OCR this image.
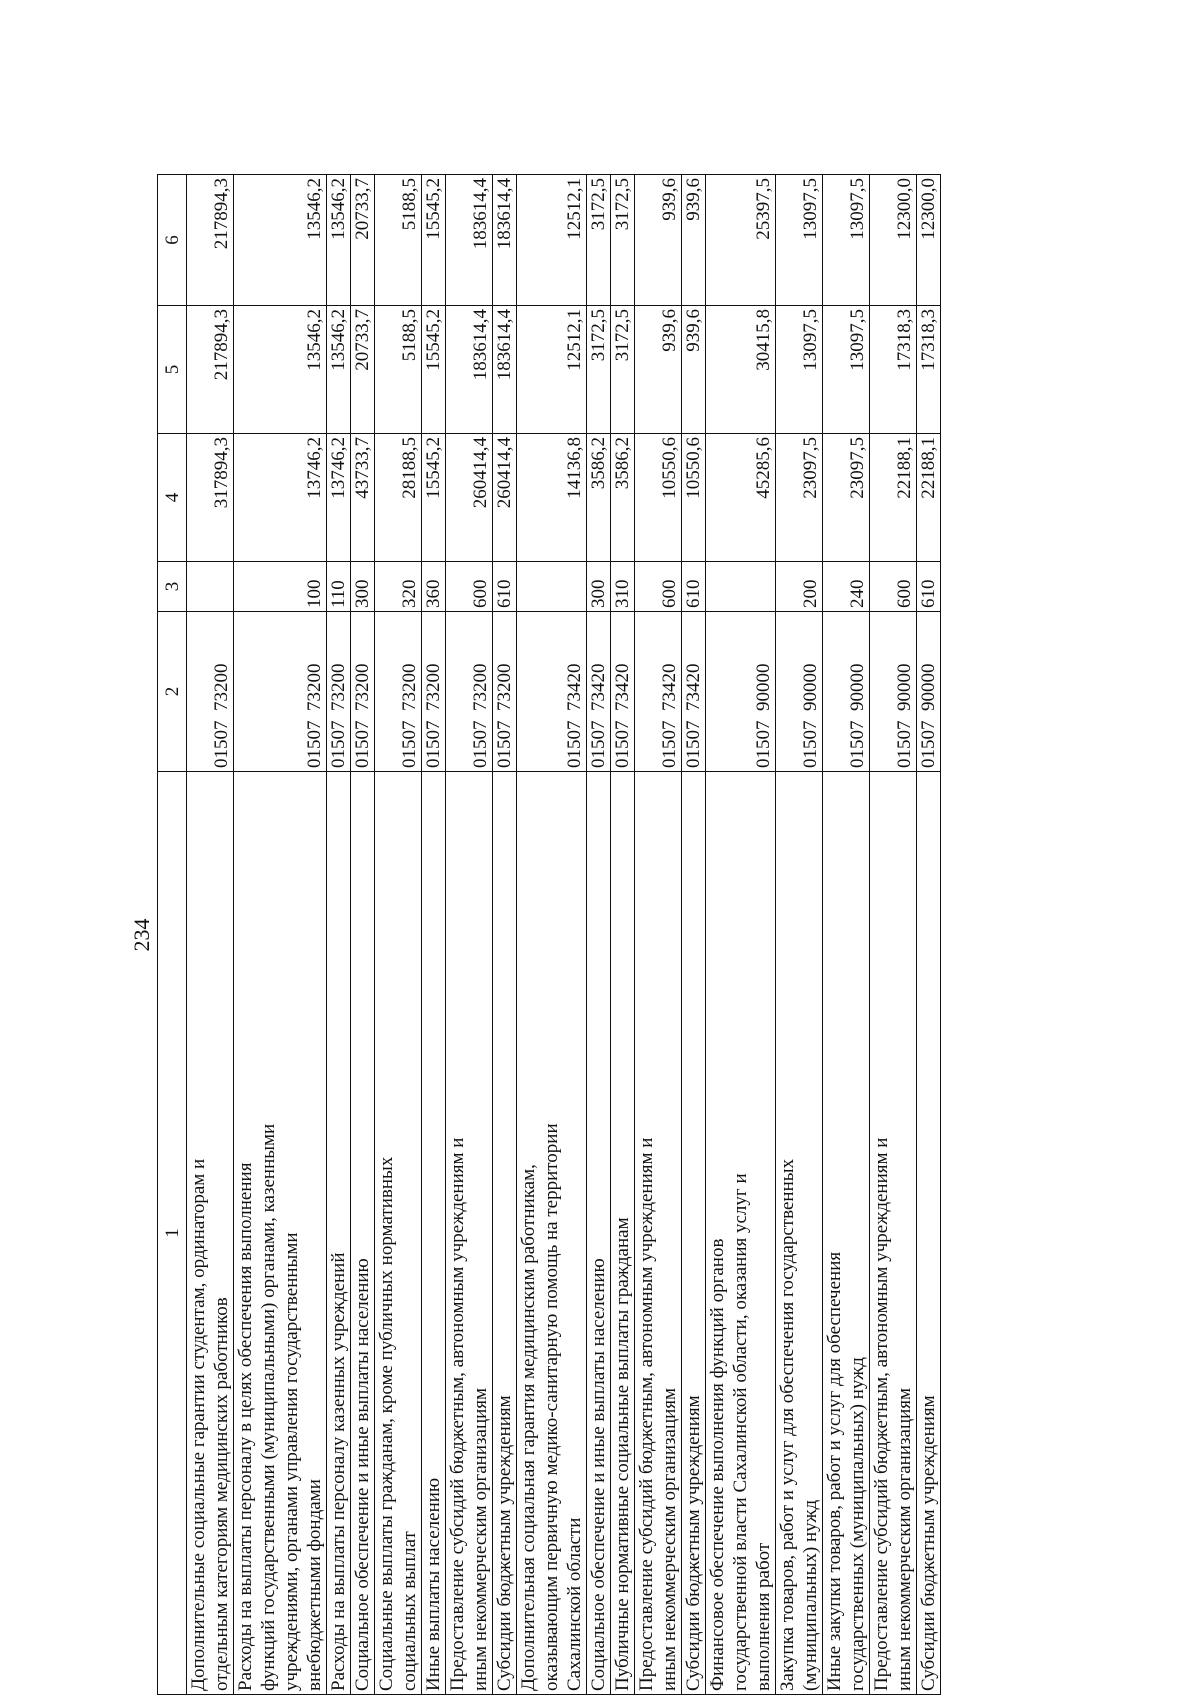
234
1	2	3	4	5	6

Дополнительные социальные гарантии студентам, ординаторам и отдельным категориям медицинских работников	01507  73200		317894,3	217894,3	217894,3

Расходы на выплаты персоналу в целях обеспечения выполнения функций государственными (муниципальными) органами, казенными учреждениями, органами управления государственными внебюджетными фондами	01507  73200	100	13746,2	13546,2	13546,2

Расходы на выплаты персоналу казенных учреждений	01507  73200	110	13746,2	13546,2	13546,2

Социальное обеспечение и иные выплаты населению	01507  73200	300	43733,7	20733,7	20733,7

Социальные выплаты гражданам, кроме публичных нормативных социальных выплат	01507  73200	320	28188,5	5188,5	5188,5

Иные выплаты населению	01507  73200	360	15545,2	15545,2	15545,2

Предоставление субсидий бюджетным, автономным учреждениям и иным некоммерческим организациям	01507  73200	600	260414,4	183614,4	183614,4

Субсидии бюджетным учреждениям	01507  73200	610	260414,4	183614,4	183614,4

Дополнительная социальная гарантия медицинским работникам, оказывающим первичную медико-санитарную помощь на территории Сахалинской области	01507  73420		14136,8	12512,1	12512,1

Социальное обеспечение и иные выплаты населению	01507  73420	300	3586,2	3172,5	3172,5

Публичные нормативные социальные выплаты гражданам	01507  73420	310	3586,2	3172,5	3172,5

Предоставление субсидий бюджетным, автономным учреждениям и иным некоммерческим организациям	01507  73420	600	10550,6	939,6	939,6

Субсидии бюджетным учреждениям	01507  73420	610	10550,6	939,6	939,6

Финансовое обеспечение выполнения функций органов государственной власти Сахалинской области, оказания услуг и выполнения работ	01507  90000		45285,6	30415,8	25397,5

Закупка товаров, работ и услуг для обеспечения государственных (муниципальных) нужд	01507  90000	200	23097,5	13097,5	13097,5

Иные закупки товаров, работ и услуг для обеспечения государственных (муниципальных) нужд	01507  90000	240	23097,5	13097,5	13097,5

Предоставление субсидий бюджетным, автономным учреждениям и иным некоммерческим организациям	01507  90000	600	22188,1	17318,3	12300,0

Субсидии бюджетным учреждениям	01507  90000	610	22188,1	17318,3	12300,0
